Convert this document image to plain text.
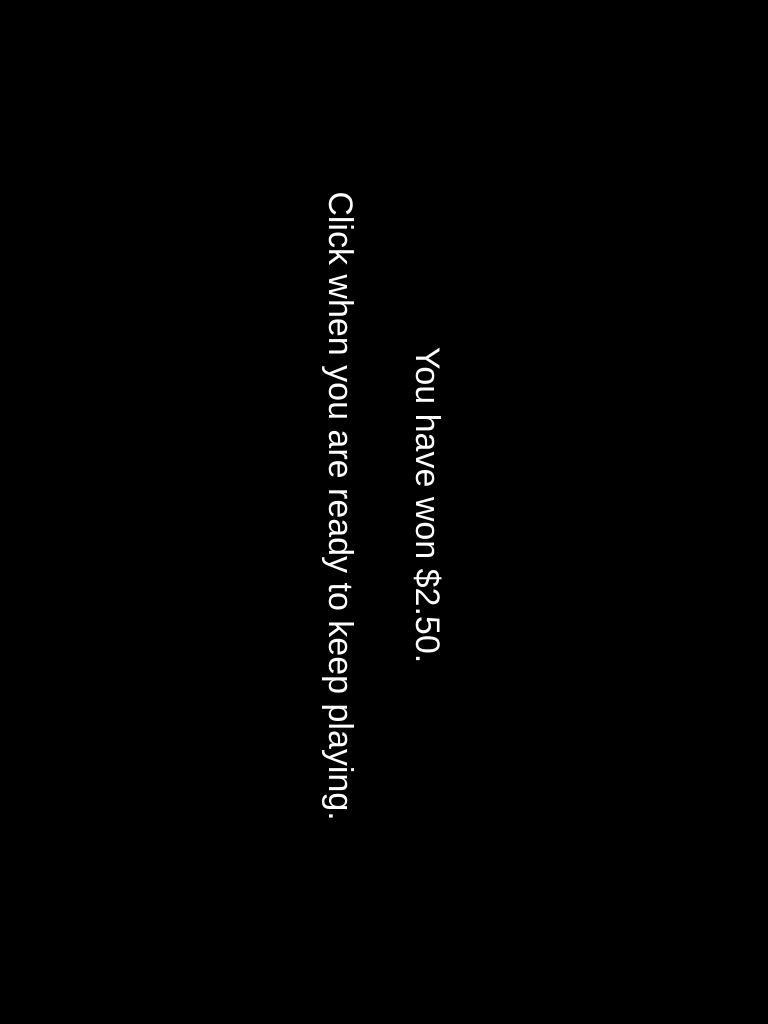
You have won $2.50.

Click when you are ready to keep playing.
